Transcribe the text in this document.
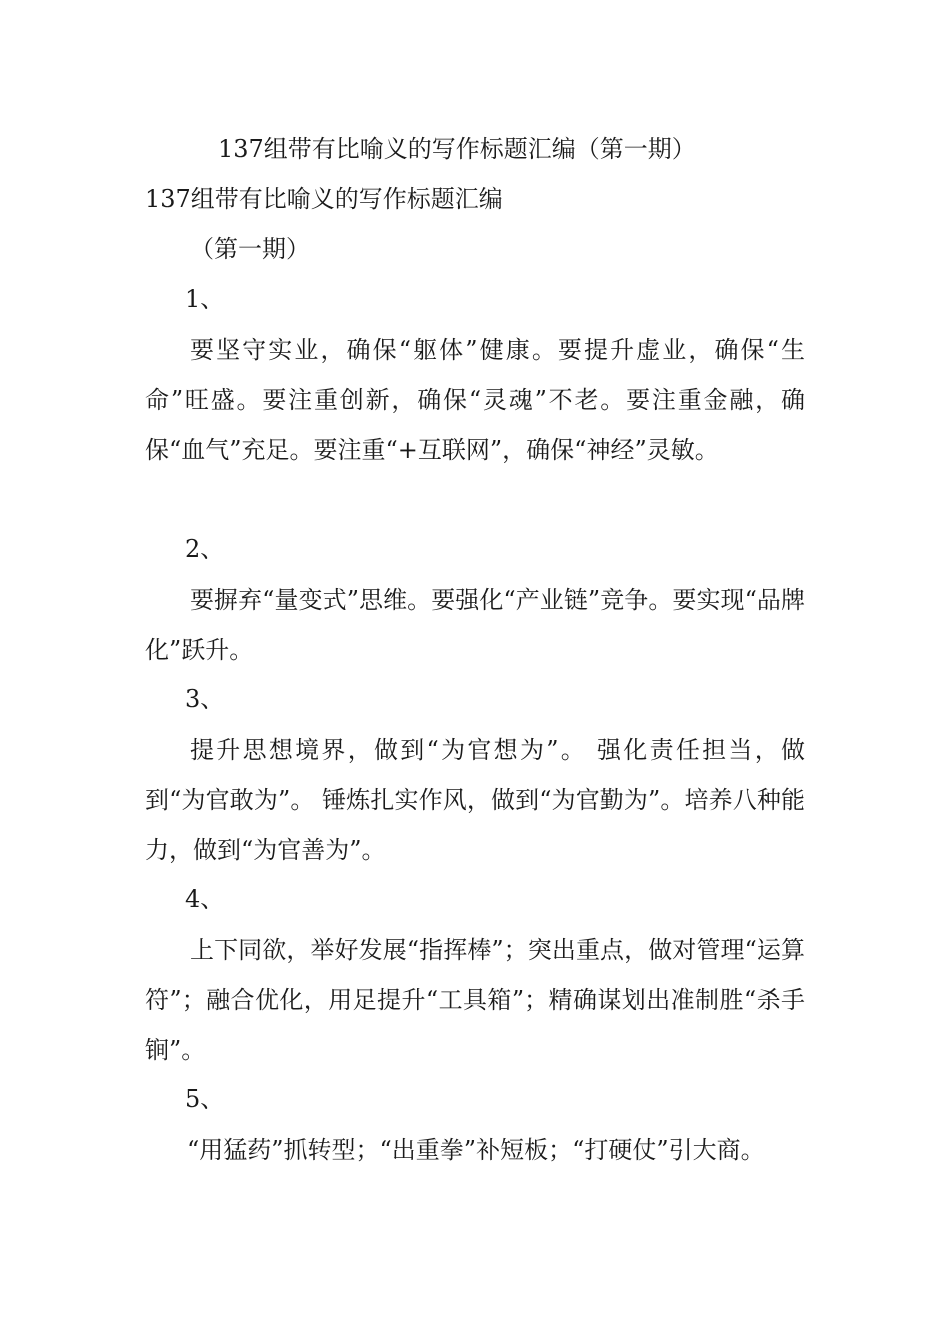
137组带有比喻义的写作标题汇编（第一期）
137组带有比喻义的写作标题汇编
（第一期）
1、
要坚守实业，确保“躯体”健康。要提升虚业，确保“生命”旺盛。要注重创新，确保“灵魂”不老。要注重金融，确保“血气”充足。要注重“+互联网”，确保“神经”灵敏。
2、
要摒弃“量变式”思维。要强化“产业链”竞争。要实现“品牌化”跃升。
3、
提升思想境界，做到“为官想为”。 强化责任担当，做到“为官敢为”。 锤炼扎实作风，做到“为官勤为”。培养八种能力，做到“为官善为”。
4、
上下同欲，举好发展“指挥棒”；突出重点，做对管理“运算符”；融合优化，用足提升“工具箱”；精确谋划出准制胜“杀手锏”。
5、
“用猛药”抓转型；“出重拳”补短板；“打硬仗”引大商。
